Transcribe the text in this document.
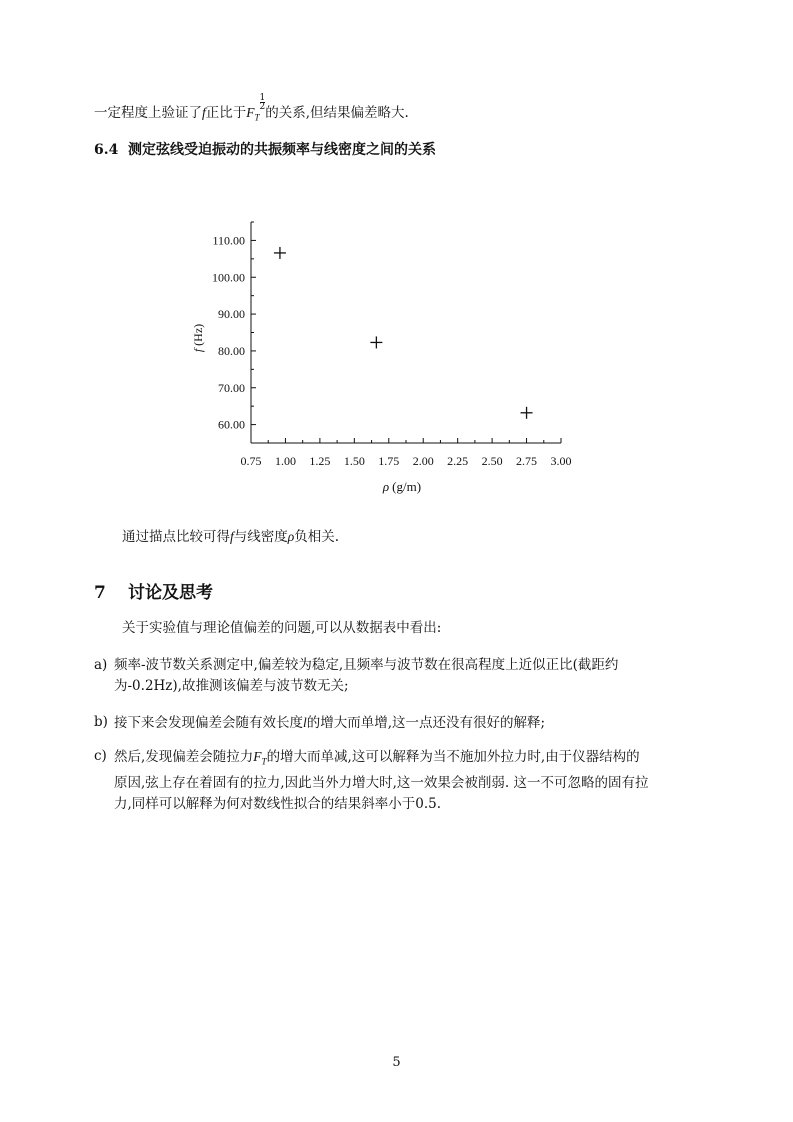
一定程度上验证了f正比于$F_T$
$^{\frac{1}{2}}$
的关系,但结果偏差略大.
6.4 测定弦线受迫振动的共振频率与线密度之间的关系
0.75 1.00 1.25 1.50 1.75 2.00 2.25 2.50 2.75 3.00
60.00
70.00
80.00
90.00
100.00
110.00
ρ (g/m)
f(Hz)
通过描点比较可得f与线密度ρ负相关.
7 讨论及思考
关于实验值与理论值偏差的问题,可以从数据表中看出:
a) 频率-波节数关系测定中,偏差较为稳定,且频率与波节数在很高程度上近似正比(截距约
为-0.2Hz),故推测该偏差与波节数无关;
b) 接下来会发现偏差会随有效长度l的增大而单增,这一点还没有很好的解释;
c) 然后,发现偏差会随拉力$F_T$的增大而单减,这可以解释为当不施加外拉力时,由于仪器结构的
原因,弦上存在着固有的拉力,因此当外力增大时,这一效果会被削弱. 这一不可忽略的固有拉
力,同样可以解释为何对数线性拟合的结果斜率小于0.5.
5
